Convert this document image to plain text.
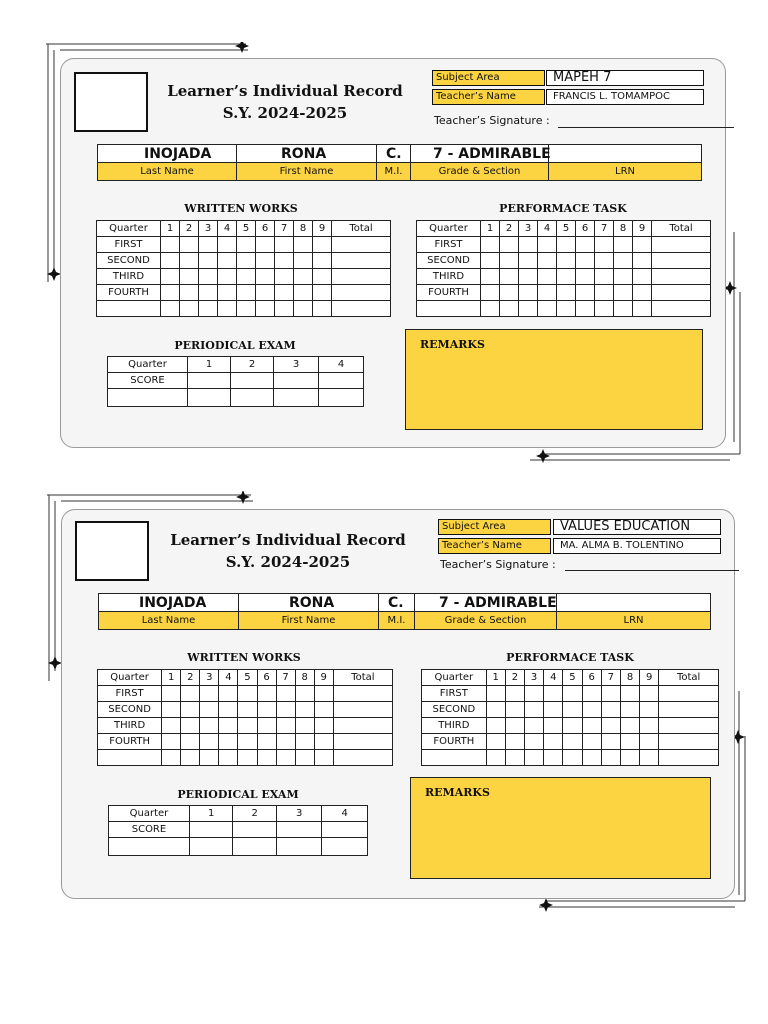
Learner’s Individual Record
S.Y. 2024-2025
Subject Area	MAPEH 7
Teacher’s Name	FRANCIS L. TOMAMPOC
Teacher’s Signature :
INOJADA	RONA	C.	7 - ADMIRABLE	
Last Name	First Name	M.I.	Grade & Section	LRN
WRITTEN WORKS	PERFORMACE TASK
Quarter	1	2	3	4	5	6	7	8	9	Total
FIRST										
SECOND										
THIRD										
FOURTH										

Quarter	1	2	3	4	5	6	7	8	9	Total
FIRST										
SECOND										
THIRD										
FOURTH										

PERIODICAL EXAM
Quarter	1	2	3	4
SCORE				

REMARKS
Learner’s Individual Record
S.Y. 2024-2025
Subject Area	VALUES EDUCATION
Teacher’s Name	MA. ALMA B. TOLENTINO
Teacher’s Signature :
INOJADA	RONA	C.	7 - ADMIRABLE	
Last Name	First Name	M.I.	Grade & Section	LRN
WRITTEN WORKS	PERFORMACE TASK
Quarter	1	2	3	4	5	6	7	8	9	Total
FIRST										
SECOND										
THIRD										
FOURTH										

Quarter	1	2	3	4	5	6	7	8	9	Total
FIRST										
SECOND										
THIRD										
FOURTH										

PERIODICAL EXAM
Quarter	1	2	3	4
SCORE				

REMARKS
